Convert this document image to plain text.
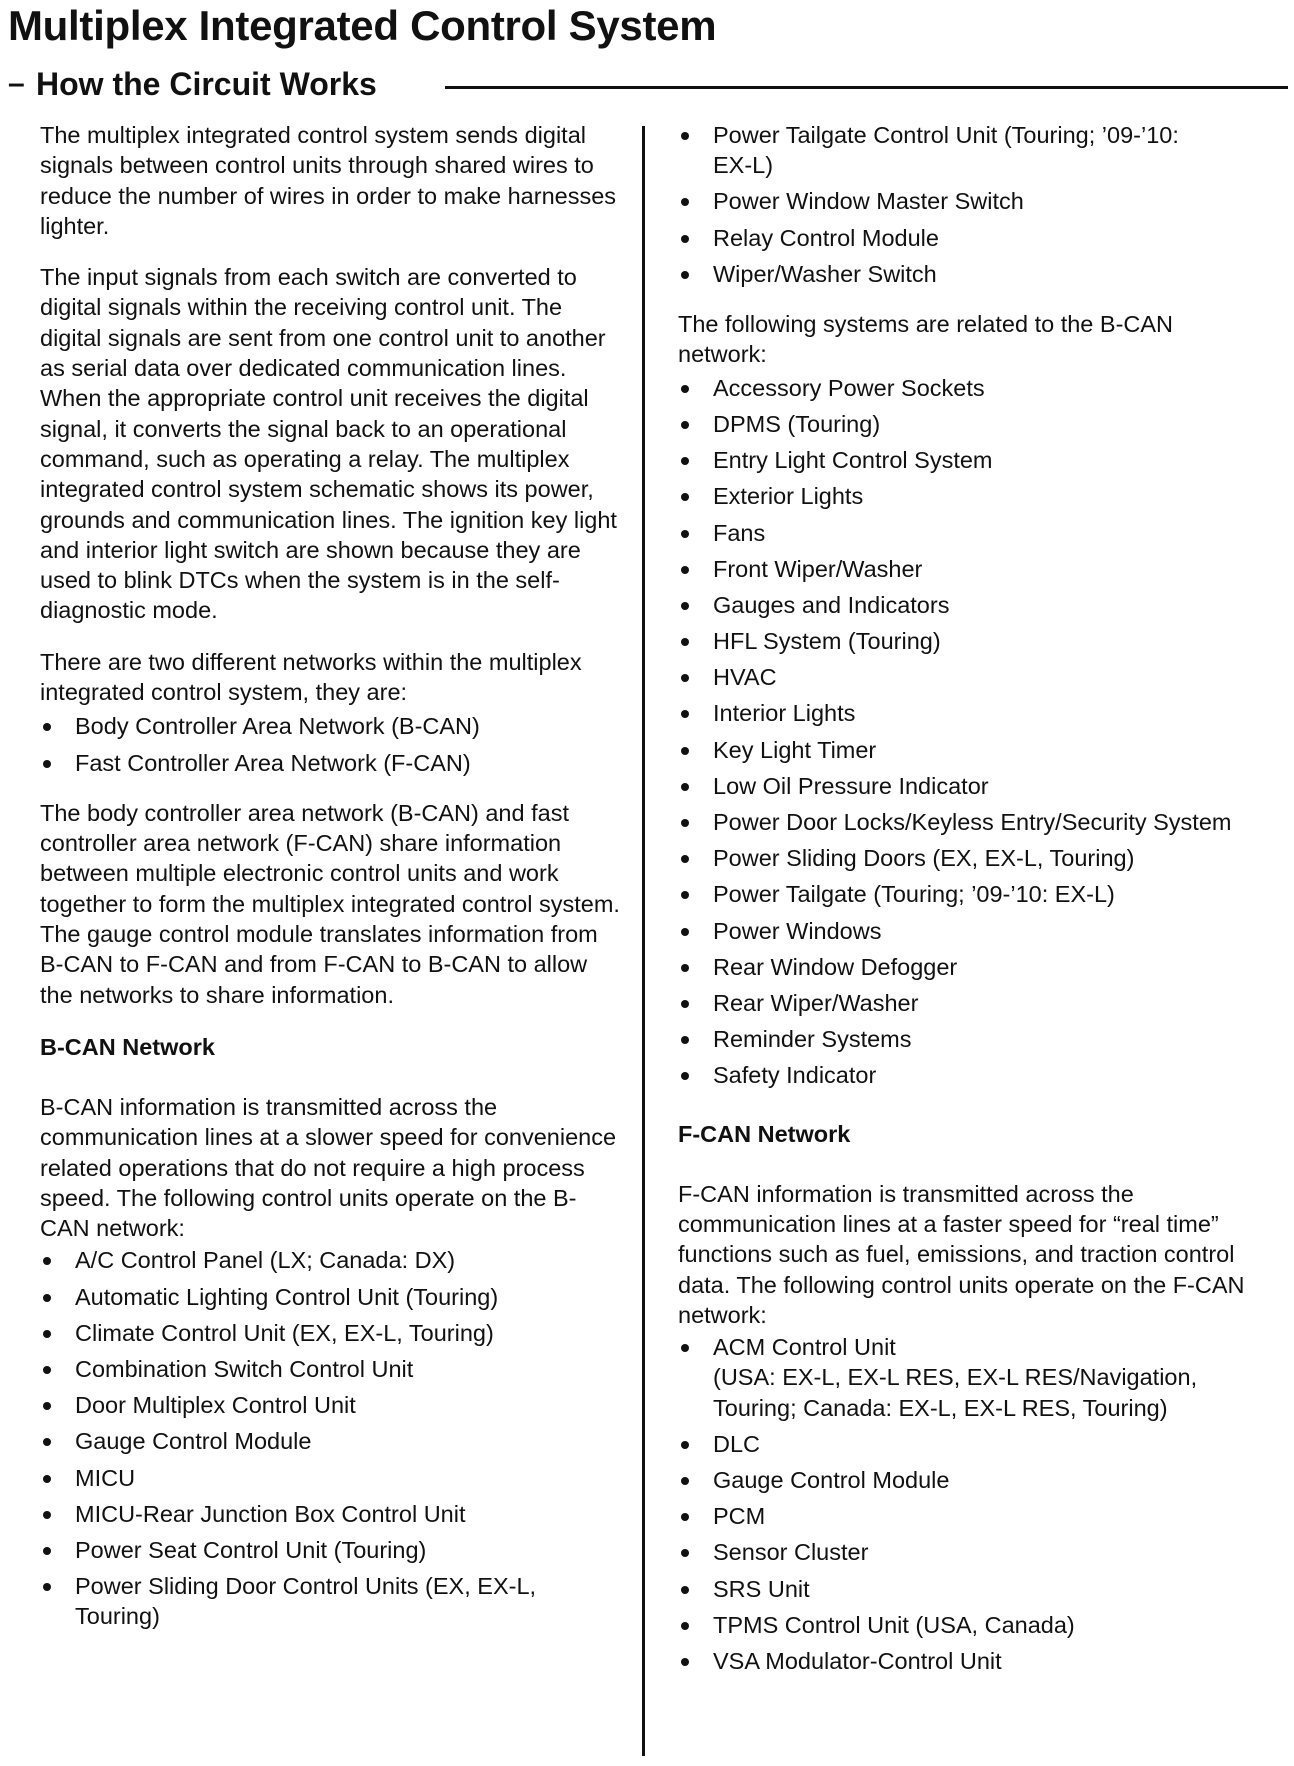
Multiplex Integrated Control System
– How the Circuit Works

The multiplex integrated control system sends digital signals between control units through shared wires to reduce the number of wires in order to make harnesses lighter.

The input signals from each switch are converted to digital signals within the receiving control unit. The digital signals are sent from one control unit to another as serial data over dedicated communication lines. When the appropriate control unit receives the digital signal, it converts the signal back to an operational command, such as operating a relay. The multiplex integrated control system schematic shows its power, grounds and communication lines. The ignition key light and interior light switch are shown because they are used to blink DTCs when the system is in the self-diagnostic mode.

There are two different networks within the multiplex integrated control system, they are:

Body Controller Area Network (B-CAN)
Fast Controller Area Network (F-CAN)

The body controller area network (B-CAN) and fast controller area network (F-CAN) share information between multiple electronic control units and work together to form the multiplex integrated control system. The gauge control module translates information from B-CAN to F-CAN and from F-CAN to B-CAN to allow the networks to share information.

B-CAN Network

B-CAN information is transmitted across the communication lines at a slower speed for convenience related operations that do not require a high process speed. The following control units operate on the B-CAN network:

A/C Control Panel (LX; Canada: DX)
Automatic Lighting Control Unit (Touring)
Climate Control Unit (EX, EX-L, Touring)
Combination Switch Control Unit
Door Multiplex Control Unit
Gauge Control Module
MICU
MICU-Rear Junction Box Control Unit
Power Seat Control Unit (Touring)
Power Sliding Door Control Units (EX, EX-L, Touring)
Power Tailgate Control Unit (Touring; ’09-’10: EX-L)
Power Window Master Switch
Relay Control Module
Wiper/Washer Switch

The following systems are related to the B-CAN network:

Accessory Power Sockets
DPMS (Touring)
Entry Light Control System
Exterior Lights
Fans
Front Wiper/Washer
Gauges and Indicators
HFL System (Touring)
HVAC
Interior Lights
Key Light Timer
Low Oil Pressure Indicator
Power Door Locks/Keyless Entry/Security System
Power Sliding Doors (EX, EX-L, Touring)
Power Tailgate (Touring; ’09-’10: EX-L)
Power Windows
Rear Window Defogger
Rear Wiper/Washer
Reminder Systems
Safety Indicator
F-CAN Network

F-CAN information is transmitted across the communication lines at a faster speed for “real time” functions such as fuel, emissions, and traction control data. The following control units operate on the F-CAN network:

ACM Control Unit
(USA: EX-L, EX-L RES, EX-L RES/Navigation, Touring; Canada: EX-L, EX-L RES, Touring)
DLC
Gauge Control Module
PCM
Sensor Cluster
SRS Unit
TPMS Control Unit (USA, Canada)
VSA Modulator-Control Unit
